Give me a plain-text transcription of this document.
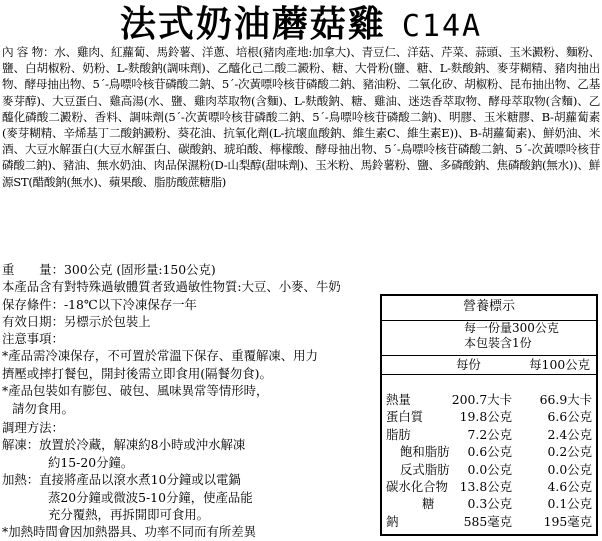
法式奶油蘑菇雞 C14A
內 容 物：水、雞肉、紅蘿蔔、馬鈴薯、洋蔥、培根(豬肉產地:加拿大)、青豆仁、洋菇、芹菜、蒜頭、玉米澱粉、麵粉、鹽、白胡椒粉、奶粉、L-麩酸鈉(調味劑)、乙醯化己二酸二澱粉、糖、大骨粉(鹽、糖、L-麩酸鈉、麥芽糊精、豬肉抽出物、酵母抽出物、5´-鳥嘌呤核苷磷酸二鈉、5´-次黃嘌呤核苷磷酸二鈉、豬油粉、二氧化矽、胡椒粉、昆布抽出物、乙基麥芽醇)、大豆蛋白、雞高湯(水、鹽、雞肉萃取物(含麵)、L-麩酸鈉、糖、雞油、迷迭香萃取物、酵母萃取物(含麵)、乙醯化磷酸二澱粉、香料、調味劑(5´-次黃嘌呤核苷磷酸二鈉、5´-鳥嘌呤核苷磷酸二鈉)、明膠、玉米糖膠、B-胡蘿蔔素(麥芽糊精、辛烯基丁二酸鈉澱粉、葵花油、抗氧化劑(L-抗壞血酸鈉、維生素C、維生素E))、B-胡蘿蔔素)、鮮奶油、米酒、大豆水解蛋白(大豆水解蛋白、碳酸鈉、琥珀酸、檸檬酸、酵母抽出物、5´-鳥嘌呤核苷磷酸二鈉、5´-次黃嘌呤核苷磷酸二鈉)、豬油、無水奶油、肉品保濕粉(D-山梨醇(甜味劑)、玉米粉、馬鈴薯粉、鹽、多磷酸鈉、焦磷酸鈉(無水))、鮮源ST(醋酸鈉(無水)、蘋果酸、脂肪酸蔗糖脂)
重　　量：300公克 (固形量:150公克)
本產品含有對特殊過敏體質者致過敏性物質:大豆、小麥、牛奶
保存條件：-18℃以下冷凍保存一年
有效日期：另標示於包裝上

注意事項：

*產品需冷凍保存，不可置於常溫下保存、重覆解凍、用力

擠壓或摔打餐包，開封後需立即食用(隔餐勿食)。

*產品包裝如有膨包、破包、風味異常等情形時，

請勿食用。

調理方法：

解凍：放置於冷藏，解凍約8小時或沖水解凍

約15-20分鐘。

加熱：直接將產品以滾水煮10分鐘或以電鍋

蒸20分鐘或微波5-10分鐘，使產品能

充分覆熱，再拆開即可食用。

*加熱時間會因加熱器具、功率不同而有所差異

營養標示
每一份量300公克
本包裝含1份
每份	每100公克
熱量	200.7大卡 66.9大卡
蛋白質	19.8公克	6.6公克
脂肪	7.2公克	2.4公克
飽和脂肪 0.6公克	0.2公克
反式脂肪 0.0公克	0.0公克
碳水化合物 13.8公克	4.6公克
糖	0.3公克	0.1公克
鈉	585毫克	195毫克
